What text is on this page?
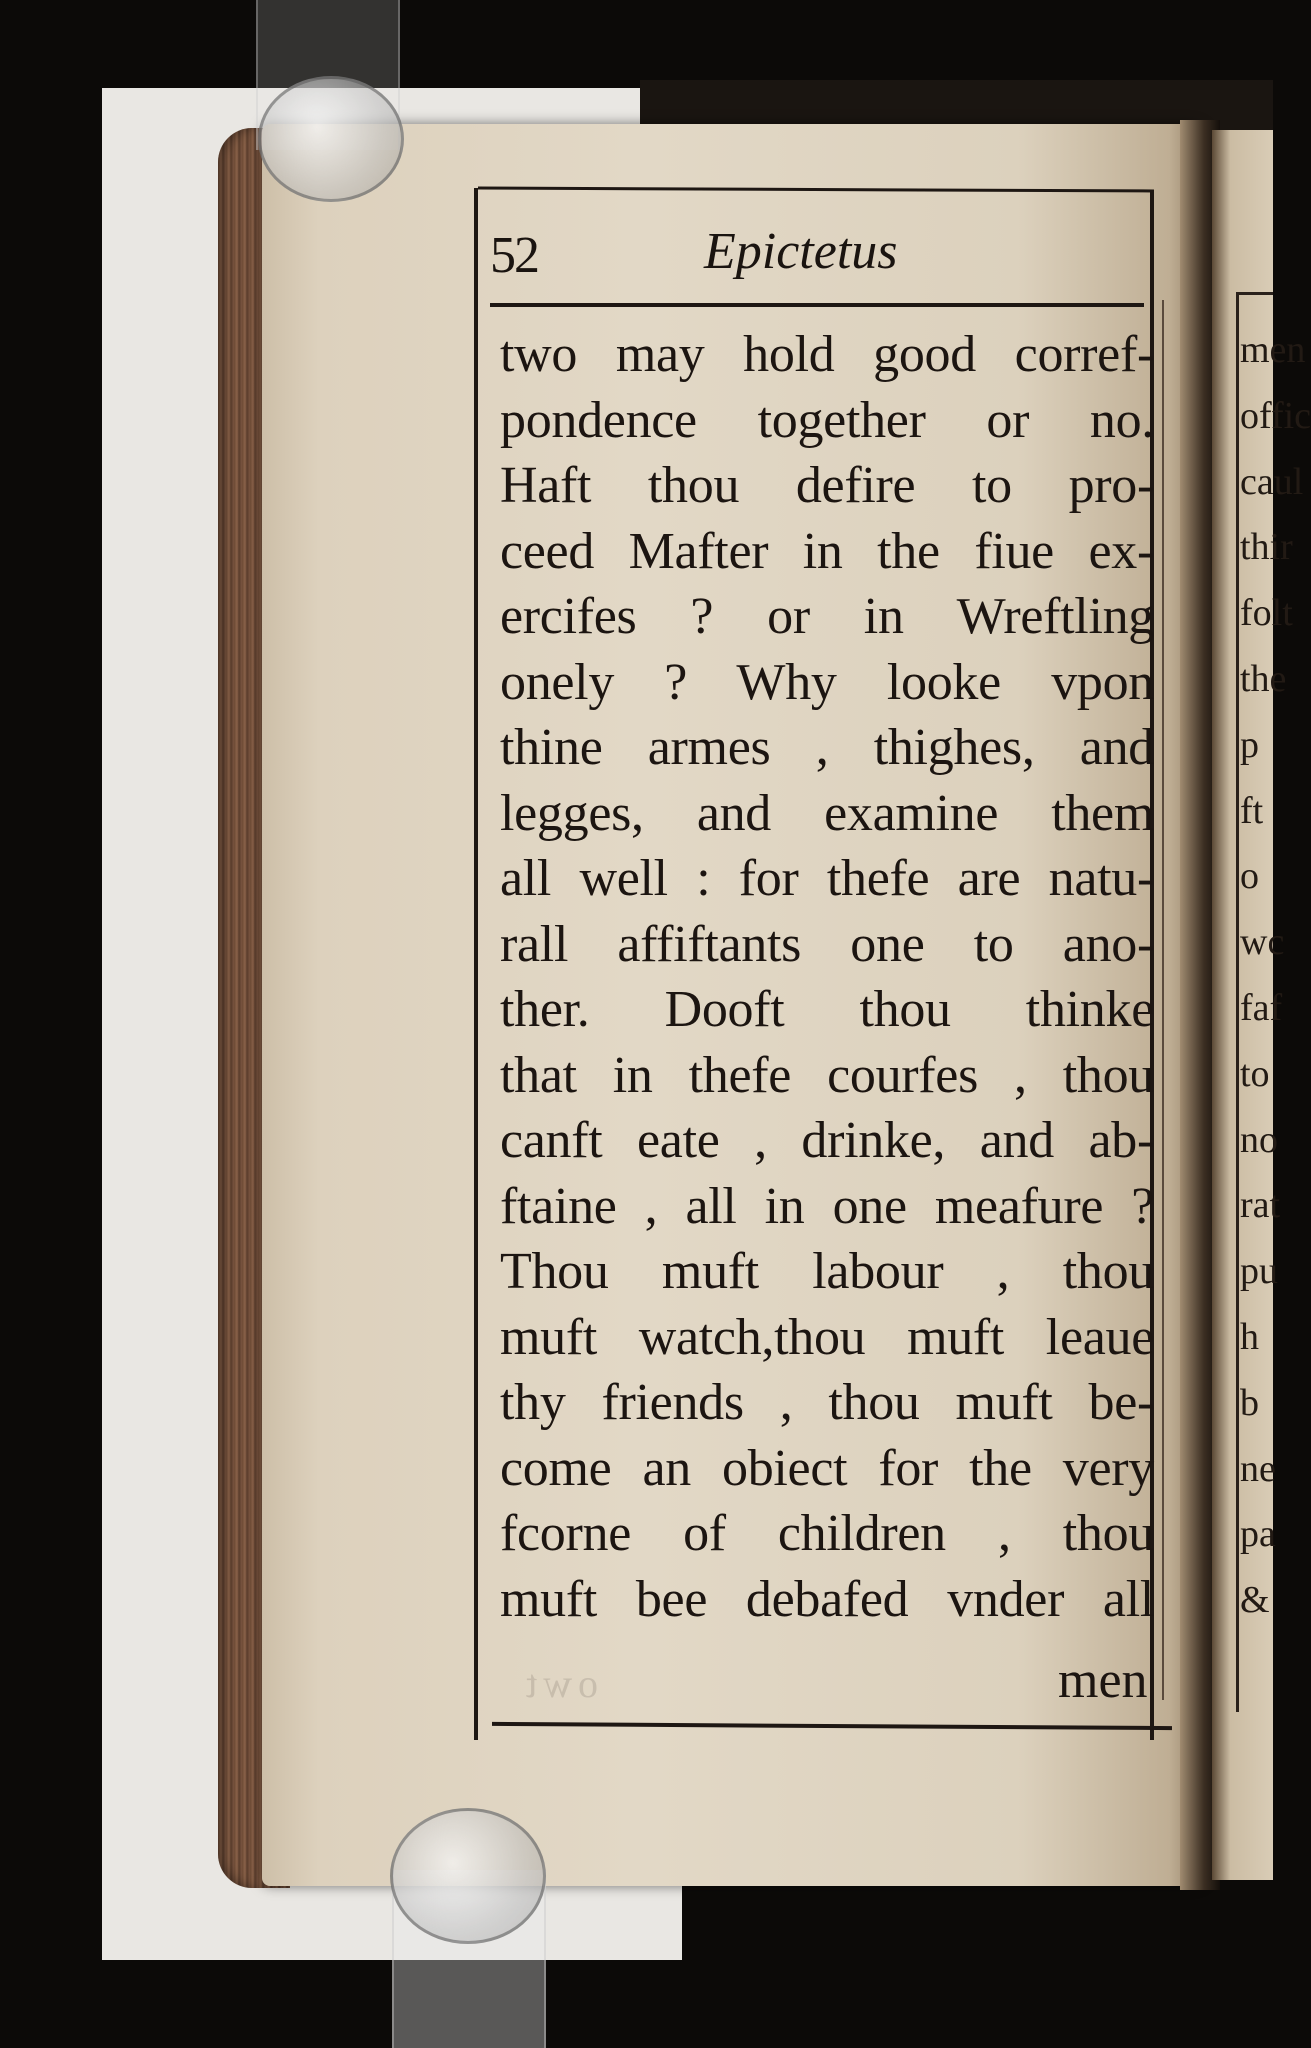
men
offic
caul
thir
folt
the
p
ft
o
wc
faf
to
no
rat
pu
h
b
ne
pa
&
52	Epictetus
two may hold good corref-
pondence together or no.
Haft thou defire to pro-
ceed Mafter in the fiue ex-
ercifes ? or in Wreftling
onely ? Why looke vpon
thine armes , thighes, and
legges, and examine them
all well : for thefe are natu-
rall affiftants one to ano-
ther. Dooft thou thinke
that in thefe courfes , thou
canft eate , drinke, and ab-
ftaine , all in one meafure ?
Thou muft labour , thou
muft watch,thou muft leaue
thy friends , thou muft be-
come an obiect for the very
fcorne of children , thou
muft bee debafed vnder all
men
owt
